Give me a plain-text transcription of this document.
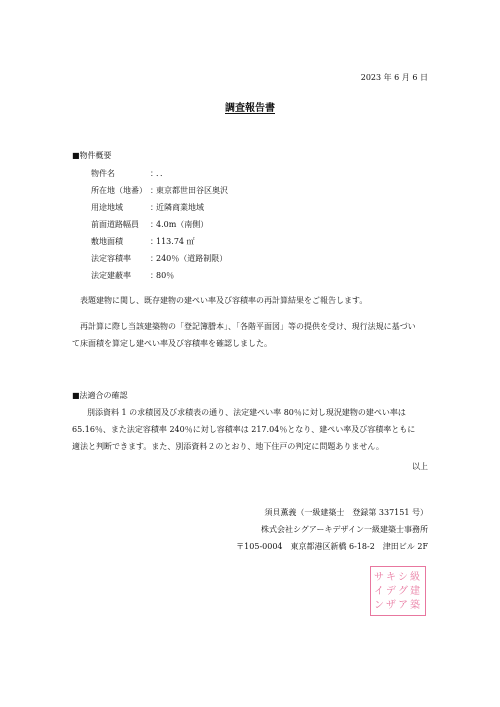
2023 年 6 月 6 日
調査報告書
■物件概要
物件名	：．．
所在地（地番） ：東京都世田谷区奥沢
用途地域	：近隣商業地域
前面道路幅員 ：4.0m（南側）
敷地面積	：113.74 ㎡
法定容積率 ：240％（道路制限）
法定建蔽率 ：80％
表題建物に関し、既存建物の建ぺい率及び容積率の再計算結果をご報告します。
再計算に際し当該建築物の「登記簿謄本」、「各階平面図」等の提供を受け、現行法規に基づい
て床面積を算定し建ぺい率及び容積率を確認しました。
■法適合の確認
別添資料 1 の求積図及び求積表の通り、法定建ぺい率 80％に対し現況建物の建ぺい率は
65.16％、また法定容積率 240％に対し容積率は 217.04％となり、建ぺい率及び容積率ともに
適法と判断できます。また、別添資料２のとおり、地下住戸の判定に問題ありません。
以上
須貝薫義（一級建築士　登録第 337151 号）
株式会社シグアーキデザイン一級建築士事務所
〒105-0004　東京都港区新橋 6-18-2　津田ビル 2F
サイン
キデザ
シグア
級建築
